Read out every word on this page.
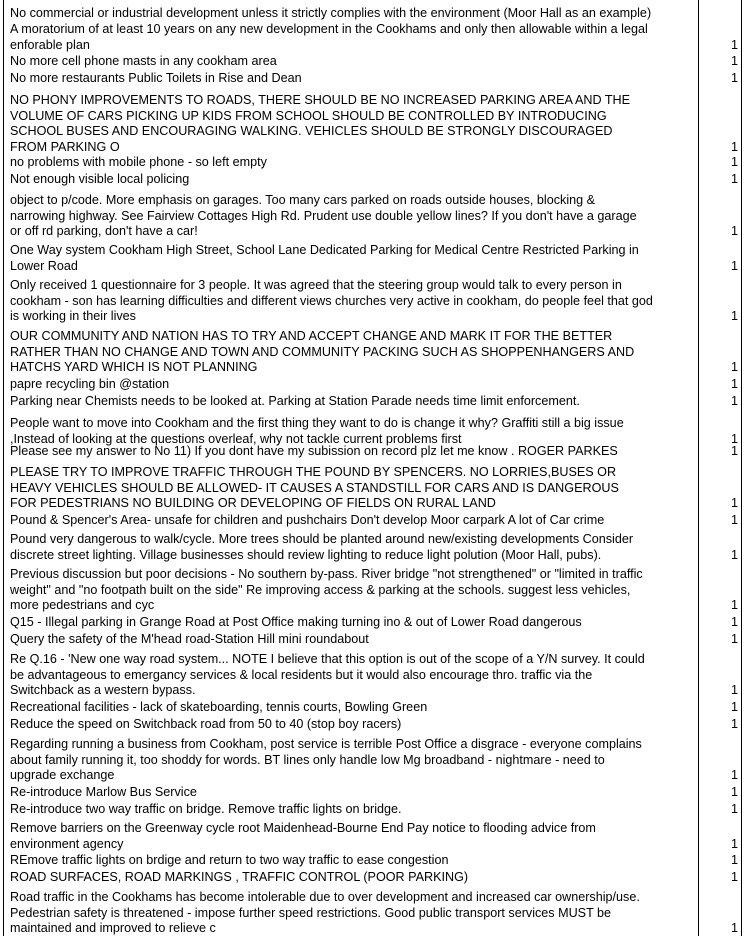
No commercial or industrial development unless it strictly complies with the environment (Moor Hall as an example)
A moratorium of at least 10 years on any new development in the Cookhams and only then allowable within a legal
enforable plan	1
No more cell phone masts in any cookham area	1
No more restaurants Public Toilets in Rise and Dean	1
NO PHONY IMPROVEMENTS TO ROADS, THERE SHOULD BE NO INCREASED PARKING AREA AND THE
VOLUME OF CARS PICKING UP KIDS FROM SCHOOL SHOULD BE CONTROLLED BY INTRODUCING
SCHOOL BUSES AND ENCOURAGING WALKING. VEHICLES SHOULD BE STRONGLY DISCOURAGED
FROM PARKING O	1
no problems with mobile phone - so left empty	1
Not enough visible local policing	1
object to p/code. More emphasis on garages. Too many cars parked on roads outside houses, blocking &
narrowing highway. See Fairview Cottages High Rd. Prudent use double yellow lines? If you don't have a garage
or off rd parking, don't have a car!	1
One Way system Cookham High Street, School Lane Dedicated Parking for Medical Centre Restricted Parking in
Lower Road	1
Only received 1 questionnaire for 3 people. It was agreed that the steering group would talk to every person in
cookham - son has learning difficulties and different views churches very active in cookham, do people feel that god
is working in their lives	1
OUR COMMUNITY AND NATION HAS TO TRY AND ACCEPT CHANGE AND MARK IT FOR THE BETTER
RATHER THAN NO CHANGE AND TOWN AND COMMUNITY PACKING SUCH AS SHOPPENHANGERS AND
HATCHS YARD WHICH IS NOT PLANNING	1
papre recycling bin @station	1
Parking near Chemists needs to be looked at. Parking at Station Parade needs time limit enforcement.	1
People want to move into Cookham and the first thing they want to do is change it why? Graffiti still a big issue
,Instead of looking at the questions overleaf, why not tackle current problems first	1
Please see my answer to No 11) If you dont have my subission on record plz let me know . ROGER PARKES	1
PLEASE TRY TO IMPROVE TRAFFIC THROUGH THE POUND BY SPENCERS. NO LORRIES,BUSES OR
HEAVY VEHICLES SHOULD BE ALLOWED- IT CAUSES A STANDSTILL FOR CARS AND IS DANGEROUS
FOR PEDESTRIANS NO BUILDING OR DEVELOPING OF FIELDS ON RURAL LAND	1
Pound & Spencer's Area- unsafe for children and pushchairs Don't develop Moor carpark A lot of Car crime	1
Pound very dangerous to walk/cycle. More trees should be planted around new/existing developments Consider
discrete street lighting. Village businesses should review lighting to reduce light polution (Moor Hall, pubs).	1
Previous discussion but poor decisions - No southern by-pass. River bridge "not strengthened" or "limited in traffic
weight" and "no footpath built on the side" Re improving access & parking at the schools. suggest less vehicles,
more pedestrians and cyc	1
Q15 - Illegal parking in Grange Road at Post Office making turning ino & out of Lower Road dangerous	1
Query the safety of the M'head road-Station Hill mini roundabout	1
Re Q.16 - 'New one way road system... NOTE I believe that this option is out of the scope of a Y/N survey. It could
be advantageous to emergancy services & local residents but it would also encourage thro. traffic via the
Switchback as a western bypass.	1
Recreational facilities - lack of skateboarding, tennis courts, Bowling Green	1
Reduce the speed on Switchback road from 50 to 40 (stop boy racers)	1
Regarding running a business from Cookham, post service is terrible Post Office a disgrace - everyone complains
about family running it, too shoddy for words. BT lines only handle low Mg broadband - nightmare - need to
upgrade exchange	1
Re-introduce Marlow Bus Service	1
Re-introduce two way traffic on bridge. Remove traffic lights on bridge.	1
Remove barriers on the Greenway cycle root Maidenhead-Bourne End Pay notice to flooding advice from
environment agency	1
REmove traffic lights on brdige and return to two way traffic to ease congestion	1
ROAD SURFACES, ROAD MARKINGS , TRAFFIC CONTROL (POOR PARKING)	1
Road traffic in the Cookhams has become intolerable due to over development and increased car ownership/use.
Pedestrian safety is threatened - impose further speed restrictions. Good public transport services MUST be
maintained and improved to relieve c	1
